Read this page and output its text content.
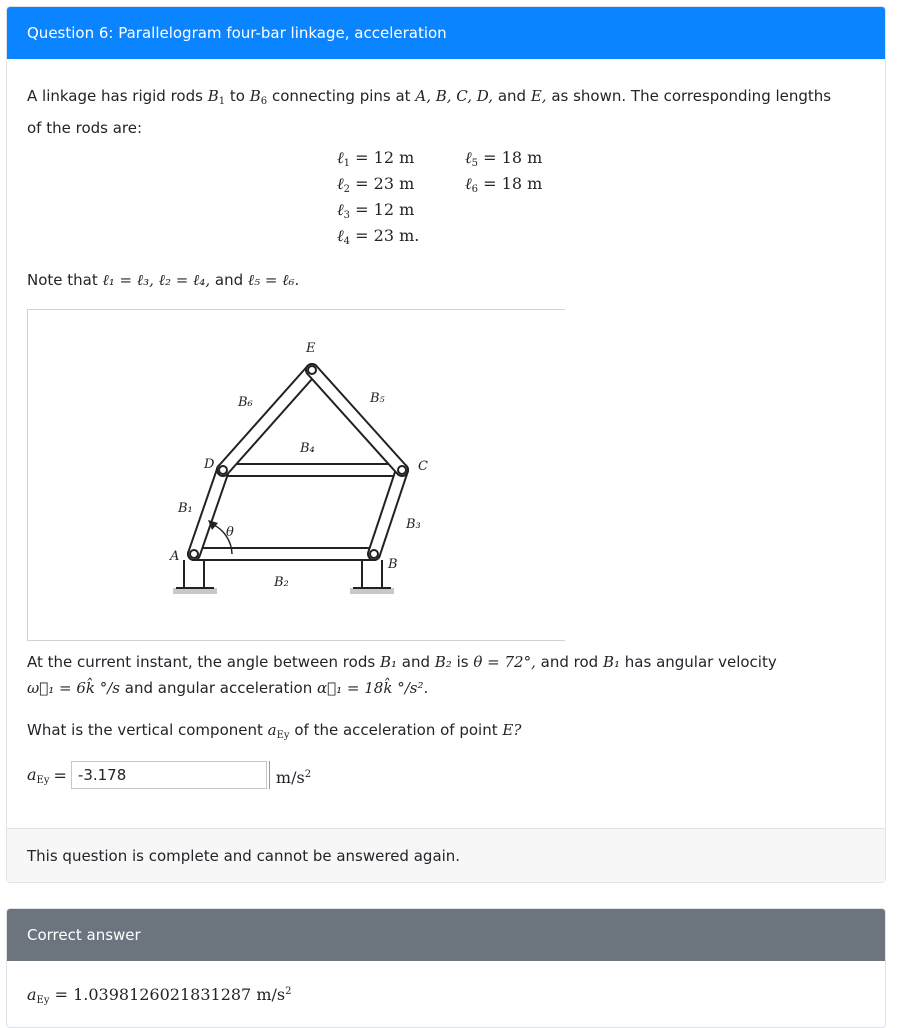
Question 6: Parallelogram four-bar linkage, acceleration
A linkage has rigid rods $B_1$ to $B_6$ connecting pins at A, B, C, D, and E, as shown. The corresponding lengths
of the rods are:
ℓ$_1$ = 12 m
ℓ$_2$ = 23 m
ℓ$_3$ = 12 m
ℓ$_4$ = 23 m.
ℓ$_5$ = 18 m
ℓ$_6$ = 18 m
Note that ℓ₁ = ℓ₃, ℓ₂ = ℓ₄, and ℓ₅ = ℓ₆.
E
D	C
A
B
B₁
B₂
B₃
B₄
B₅
B₆
θ
At the current instant, the angle between rods B₁ and B₂ is θ = 72°, and rod B₁ has angular velocity
ω⃗₁ = 6k̂ °/s and angular acceleration α⃗₁ = 18k̂ °/s².
What is the vertical component $a_{Ey}$ of the acceleration of point E?
$a_{Ey}$ =
-3.178	$m/s^2$
This question is complete and cannot be answered again.
Correct answer
$a_{Ey} = 1.0398126021831287$ $m/s^2$
